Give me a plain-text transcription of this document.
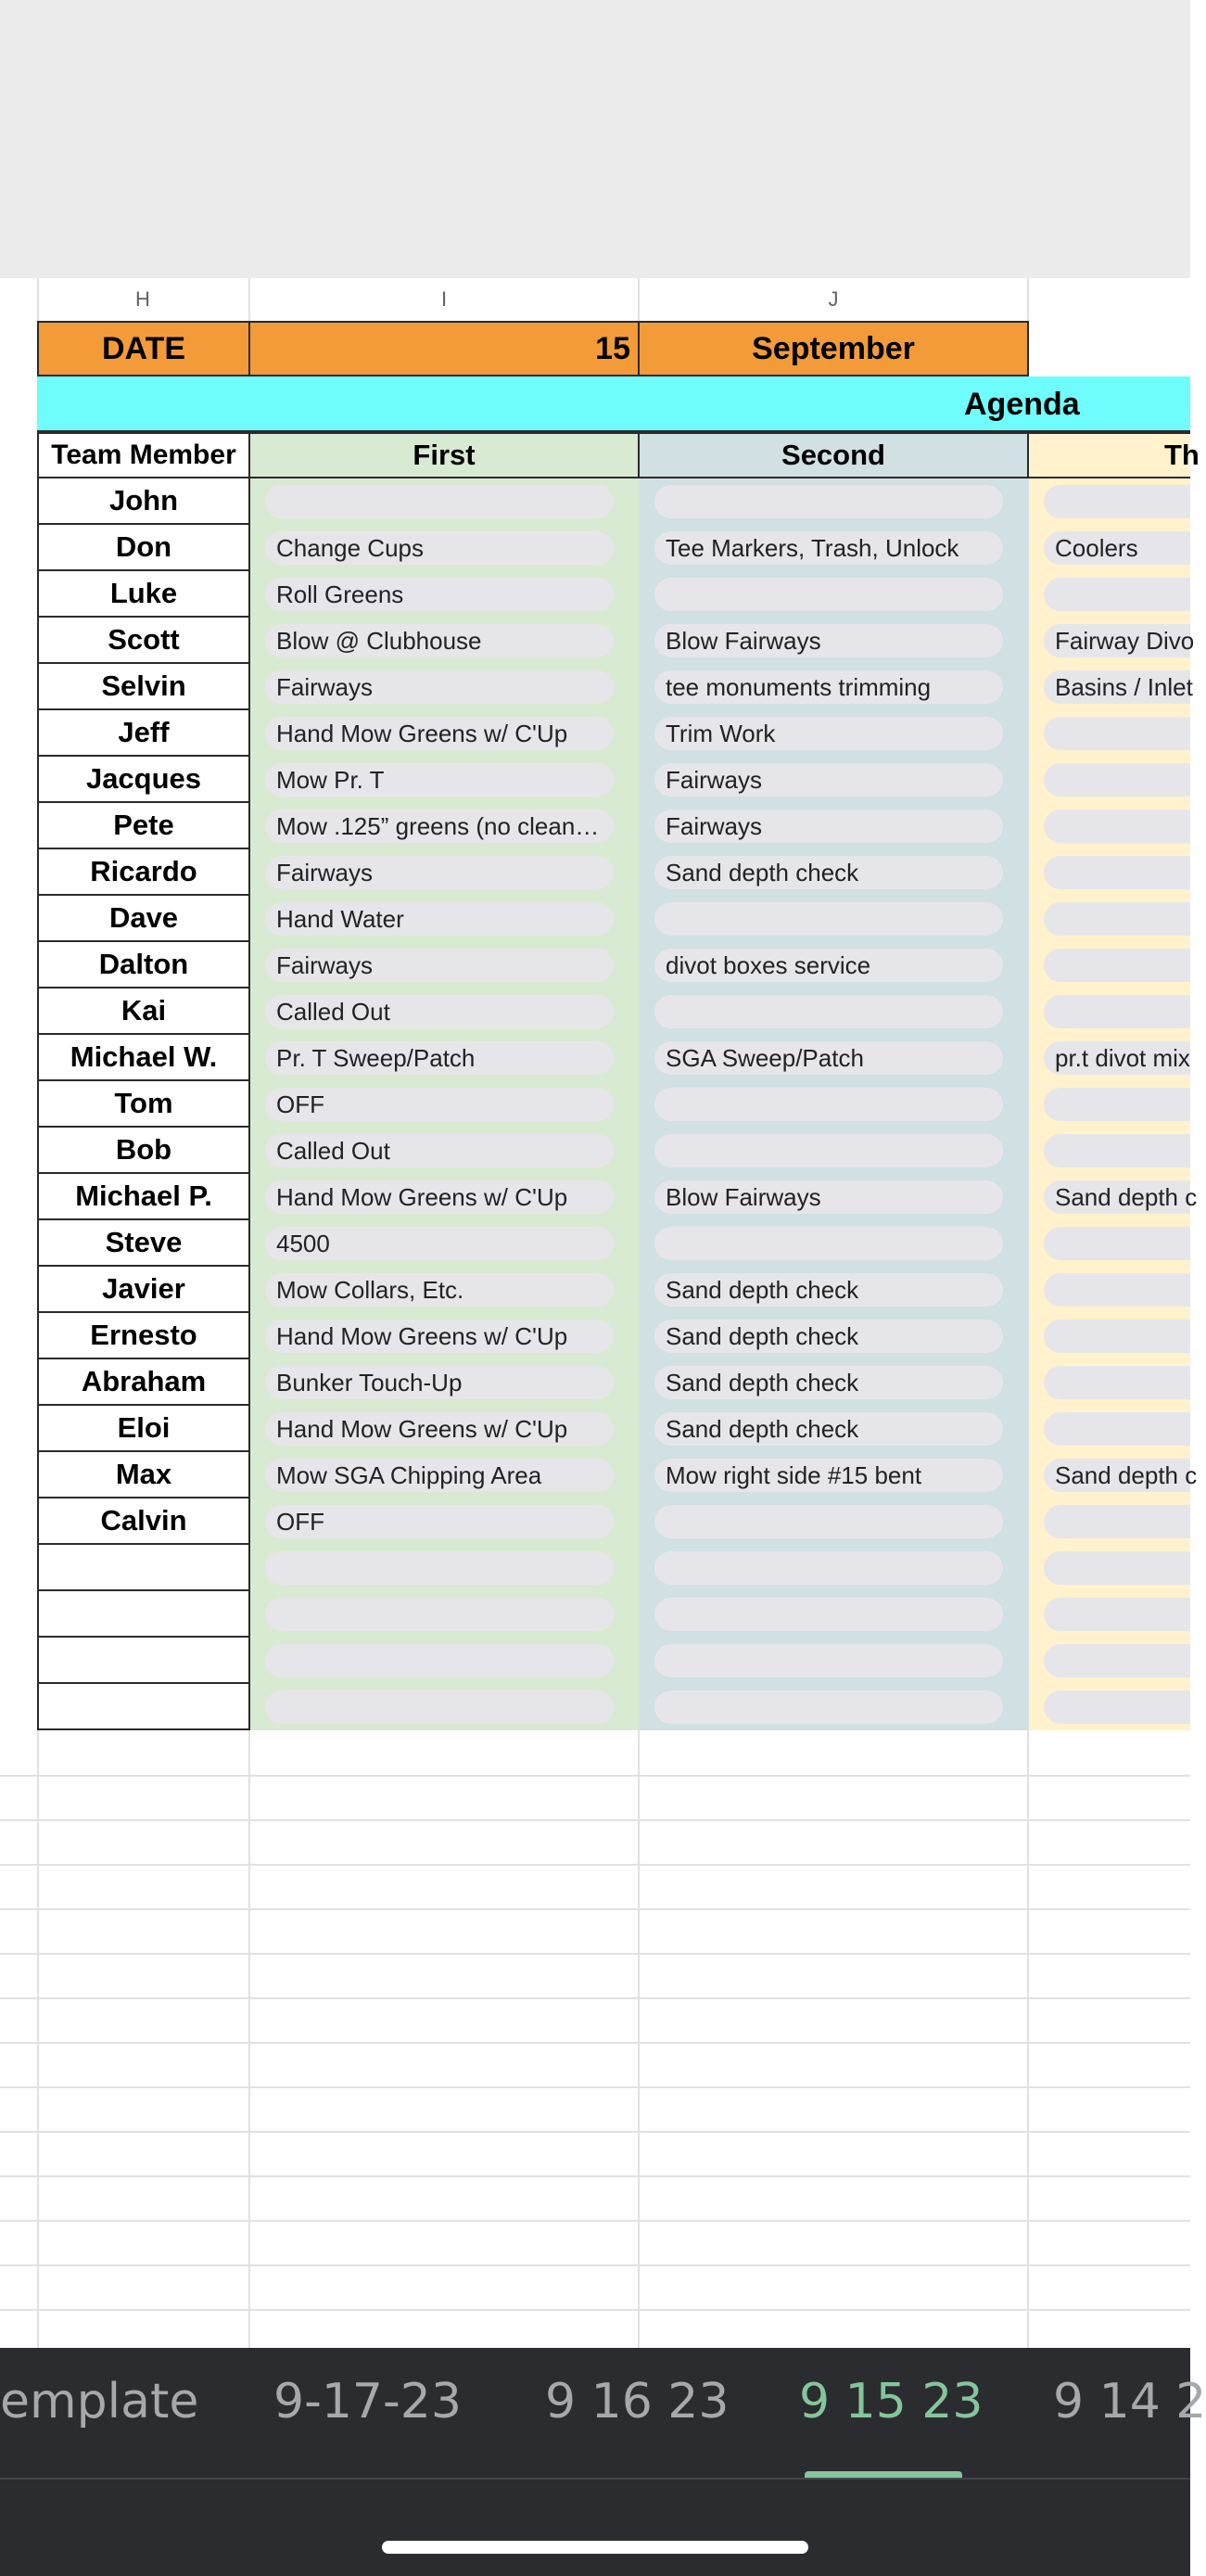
H	I	J
DATE	15	September
Agenda
Team Member	First	Second	Th
John
Don	Change Cups	Tee Markers, Trash, Unlock	Coolers
Luke	Roll Greens
Scott	Blow @ Clubhouse	Blow Fairways	Fairway Divo
Selvin	Fairways	tee monuments trimming	Basins / Inlet
Jeff	Hand Mow Greens w/ C'Up	Trim Work
Jacques	Mow Pr. T	Fairways
Pete	Mow .125” greens (no clean…	Fairways
Ricardo	Fairways	Sand depth check
Dave	Hand Water
Dalton	Fairways	divot boxes service
Kai	Called Out
Michael W.	Pr. T Sweep/Patch	SGA Sweep/Patch	pr.t divot mix
Tom	OFF
Bob	Called Out
Michael P.	Hand Mow Greens w/ C'Up	Blow Fairways	Sand depth c
Steve	4500
Javier	Mow Collars, Etc.	Sand depth check
Ernesto	Hand Mow Greens w/ C'Up	Sand depth check
Abraham	Bunker Touch-Up	Sand depth check
Eloi	Hand Mow Greens w/ C'Up	Sand depth check
Max	Mow SGA Chipping Area	Mow right side #15 bent	Sand depth c
Calvin	OFF
emplate 9-17-23 9 16 23 9 15 23 9 14 2
